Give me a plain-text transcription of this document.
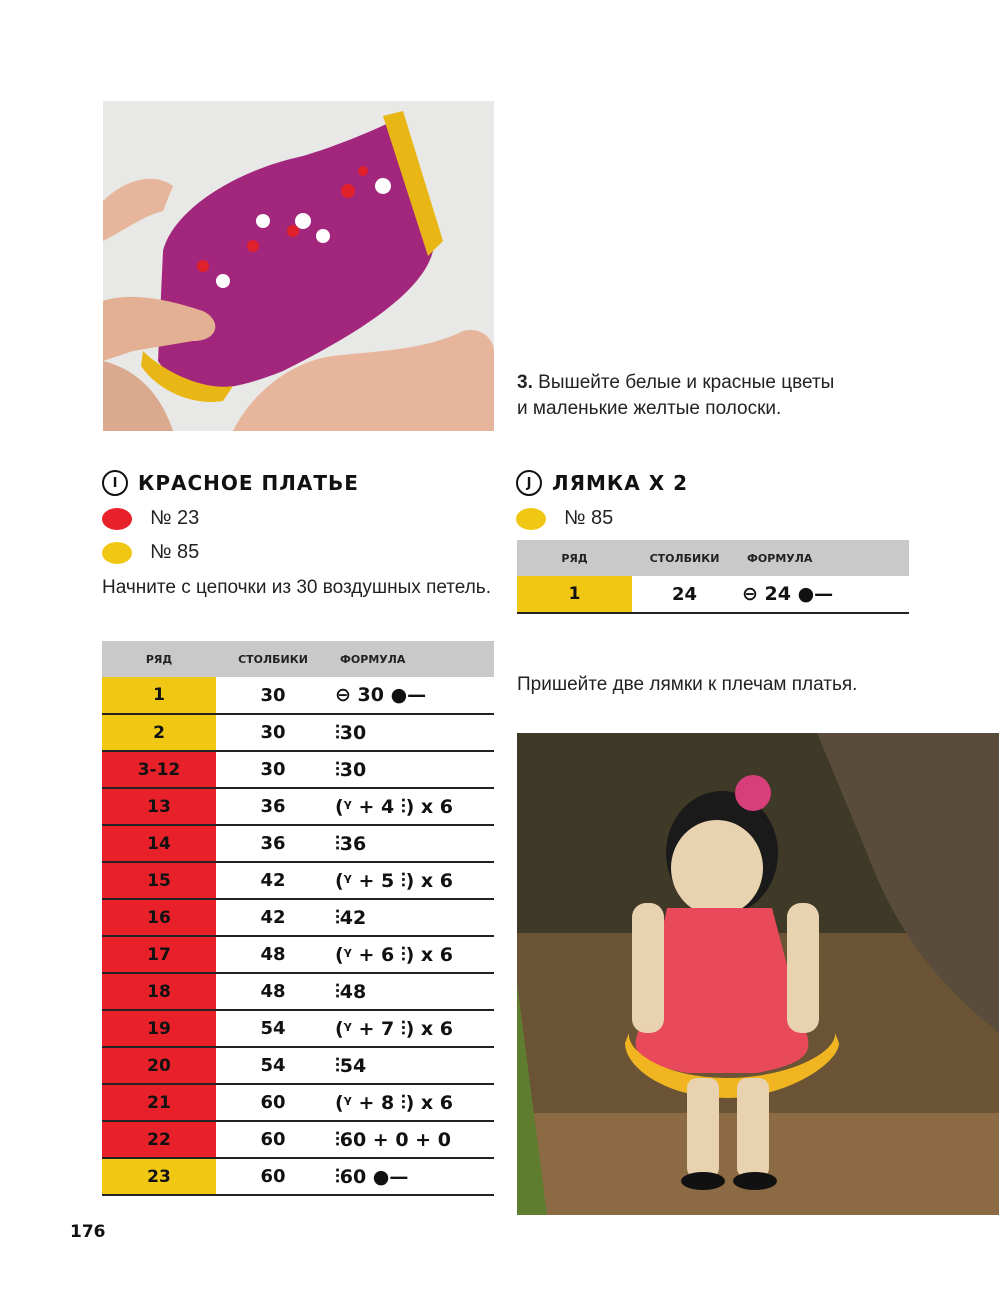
3. Вышейте белые и красные цветы
и маленькие желтые полоски.
I	КРАСНОЕ ПЛАТЬЕ
№ 23
№ 85
Начните с цепочки из 30 воздушных петель.
РЯД	СТОЛБИКИ	ФОРМУЛА
1	30	⊖ 30 ●—
2	30	⫶30
3-12	30	⫶30
13	36	(ᵞ + 4 ⫶) x 6
14	36	⫶36
15	42	(ᵞ + 5 ⫶) x 6
16	42	⫶42
17	48	(ᵞ + 6 ⫶) x 6
18	48	⫶48
19	54	(ᵞ + 7 ⫶) x 6
20	54	⫶54
21	60	(ᵞ + 8 ⫶) x 6
22	60	⫶60 + 0 + 0
23	60	⫶60 ●—
J	ЛЯМКА X 2
№ 85
РЯД	СТОЛБИКИ	ФОРМУЛА
1	24	⊖ 24 ●—
Пришейте две лямки к плечам платья.
176
